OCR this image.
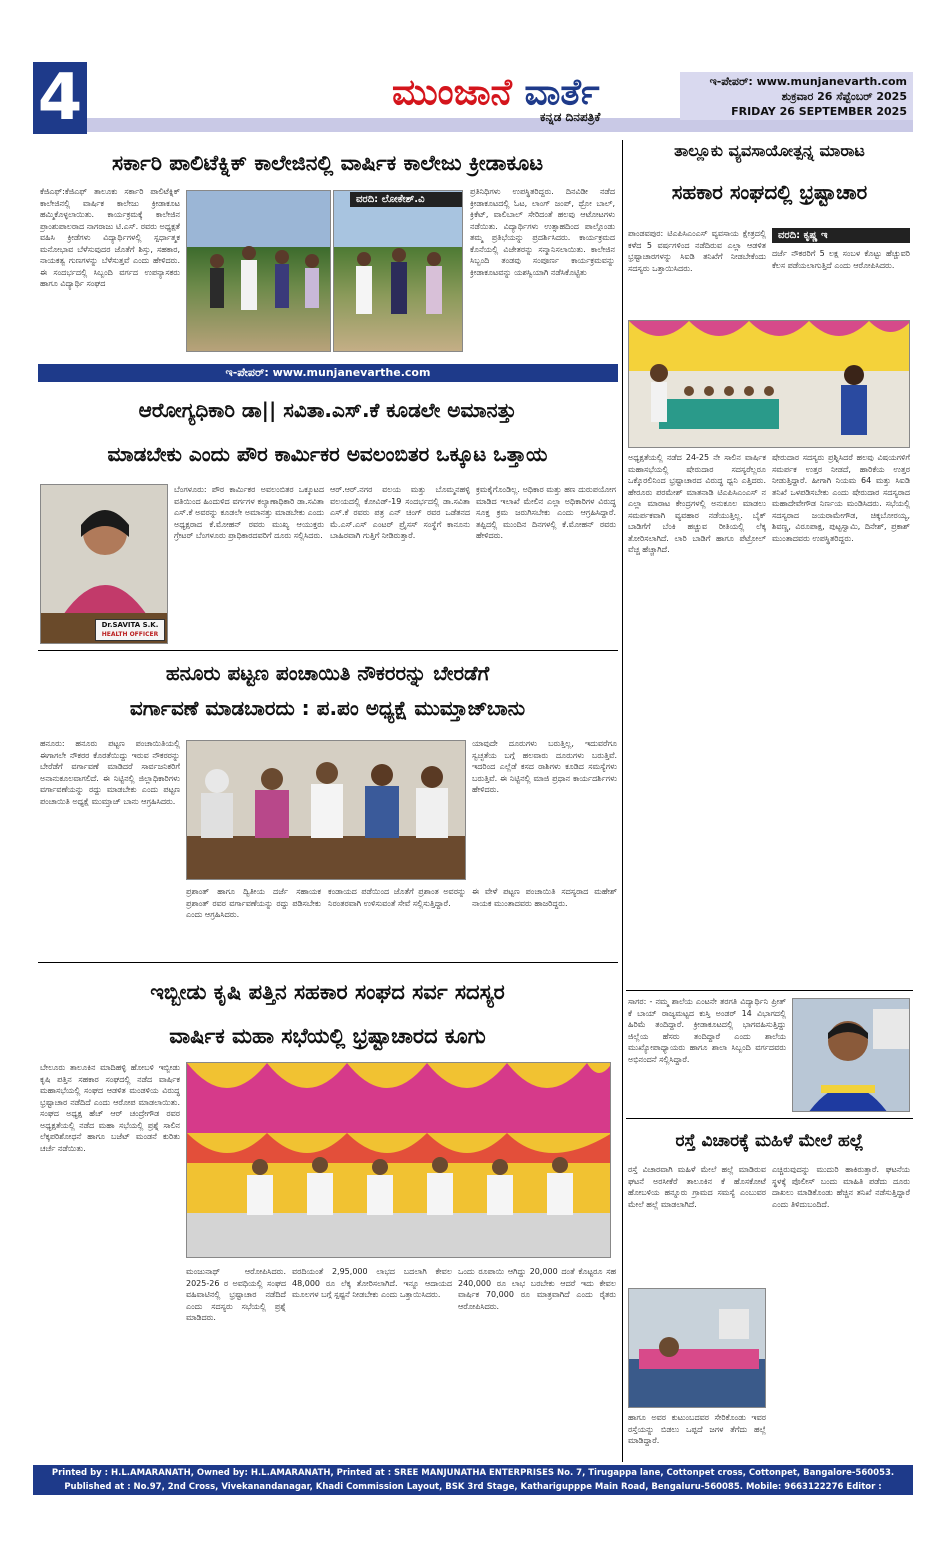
4	ಮುಂಜಾನೆ ವಾರ್ತೆ
ಕನ್ನಡ ದಿನಪತ್ರಿಕೆ
ಇ-ಪೇಪರ್: www.munjanevarth.com
ಶುಕ್ರವಾರ 26 ಸೆಪ್ಟೆಂಬರ್ 2025
FRIDAY 26 SEPTEMBER 2025
ಸರ್ಕಾರಿ ಪಾಲಿಟೆಕ್ನಿಕ್ ಕಾಲೇಜಿನಲ್ಲಿ ವಾರ್ಷಿಕ ಕಾಲೇಜು ಕ್ರೀಡಾಕೂಟ
ಕೆಜಿಎಫ್:ಕೆಜಿಎಫ್ ತಾಲೂಕು ಸರ್ಕಾರಿ ಪಾಲಿಟೆಕ್ನಿಕ್ ಕಾಲೇಜಿನಲ್ಲಿ ವಾರ್ಷಿಕ ಕಾಲೇಜು ಕ್ರೀಡಾಕೂಟ ಹಮ್ಮಿಕೊಳ್ಳಲಾಯಿತು. ಕಾರ್ಯಕ್ರಮಕ್ಕೆ ಕಾಲೇಜಿನ ಪ್ರಾಂಶುಪಾಲರಾದ ನಾಗರಾಜು ಟಿ.ಎಸ್. ರವರು ಅಧ್ಯಕ್ಷತೆ ವಹಿಸಿ ಕ್ರೀಡೆಗಳು ವಿದ್ಯಾರ್ಥಿಗಳಲ್ಲಿ ಸ್ಪರ್ಧಾತ್ಮಕ ಮನೋಭಾವ ಬೆಳೆಸುವುದರ ಜೊತೆಗೆ ಶಿಸ್ತು, ಸಹಕಾರ, ನಾಯಕತ್ವ ಗುಣಗಳನ್ನು ಬೆಳೆಸುತ್ತವೆ ಎಂದು ಹೇಳಿದರು. ಈ ಸಂದರ್ಭದಲ್ಲಿ ಸಿಬ್ಬಂದಿ ವರ್ಗದ ಉಪನ್ಯಾಸಕರು ಹಾಗೂ ವಿದ್ಯಾರ್ಥಿ ಸಂಘದ
ವರದಿ: ಲೋಕೇಶ್.ವಿ
ಪ್ರತಿನಿಧಿಗಳು ಉಪಸ್ಥಿತರಿದ್ದರು. ದಿನವಿಡೀ ನಡೆದ ಕ್ರೀಡಾಕೂಟದಲ್ಲಿ ಓಟ, ಲಾಂಗ್ ಜಂಪ್, ಥ್ರೋ ಬಾಲ್, ಕ್ರಿಕೆಟ್, ವಾಲಿಬಾಲ್ ಸೇರಿದಂತೆ ಹಲವು ಆಟೋಟಗಳು ನಡೆಯಿತು. ವಿದ್ಯಾರ್ಥಿಗಳು ಉತ್ಸಾಹದಿಂದ ಪಾಲ್ಗೊಂಡು ತಮ್ಮ ಪ್ರತಿಭೆಯನ್ನು ಪ್ರದರ್ಶಿಸಿದರು. ಕಾರ್ಯಕ್ರಮದ ಕೊನೆಯಲ್ಲಿ ವಿಜೇತರನ್ನು ಸನ್ಮಾನಿಸಲಾಯಿತು. ಕಾಲೇಜಿನ ಸಿಬ್ಬಂದಿ ತಂಡವು ಸಂಪೂರ್ಣ ಕಾರ್ಯಕ್ರಮವನ್ನು ಕ್ರೀಡಾಕೂಟವನ್ನು ಯಶಸ್ವಿಯಾಗಿ ನಡೆಸಿಕೊಟ್ಟಿತು
ಇ-ಪೇಪರ್: www.munjanevarthe.com
ಆರೋಗ್ಯಧಿಕಾರಿ ಡಾ|| ಸವಿತಾ.ಎಸ್.ಕೆ ಕೂಡಲೇ ಅಮಾನತ್ತು
ಮಾಡಬೇಕು ಎಂದು ಪೌರ ಕಾರ್ಮಿಕರ ಅವಲಂಬಿತರ ಒಕ್ಕೂಟ ಒತ್ತಾಯ
Dr.SAVITA S.K.
HEALTH OFFICER
ಬೆಂಗಳೂರು: ಪೌರ ಕಾರ್ಮಿಕರ ಅವಲಂಬಿತರ ಒಕ್ಕೂಟದ ವತಿಯಿಂದ ಹಿಂದುಳಿದ ವರ್ಗಗಳ ಕಲ್ಯಾಣಾಧಿಕಾರಿ ಡಾ.ಸವಿತಾ ಎಸ್.ಕೆ ಅವರನ್ನು ಕೂಡಲೇ ಅಮಾನತ್ತು ಮಾಡಬೇಕು ಎಂದು ಅಧ್ಯಕ್ಷರಾದ ಕೆ.ಮೋಹನ್ ರವರು ಮುಖ್ಯ ಆಯುಕ್ತರು ಗ್ರೇಟರ್ ಬೆಂಗಳೂರು ಪ್ರಾಧಿಕಾರದವರಿಗೆ ದೂರು ಸಲ್ಲಿಸಿದರು.
ಆರ್.ಆರ್.ನಗರ ವಲಯ ಮತ್ತು ಬೊಮ್ಮನಹಳ್ಳಿ ವಲಯದಲ್ಲಿ ಕೋವಿಡ್-19 ಸಂದರ್ಭದಲ್ಲಿ ಡಾ.ಸವಿತಾ ಎಸ್.ಕೆ ರವರು ಪತ್ರ ಎನ್ ಚಿಂಗ್ ರವರ ಒಡೆತನದ ಮೆ.ಎಸ್.ಎಸ್ ಎಂಟರ್ ಪ್ರೈಸಸ್ ಸಂಸ್ಥೆಗೆ ಕಾನೂನು ಬಾಹಿರವಾಗಿ ಗುತ್ತಿಗೆ ನೀಡಿರುತ್ತಾರೆ.
ಕ್ರಮಕೈಗೊಂಡಿಲ್ಲ. ಅಧಿಕಾರ ಮತ್ತು ಹಣ ದುರುಪಯೋಗ ಮಾಡಿದ ಇಲಾಖೆ ಮೇಲಿನ ಎಲ್ಲಾ ಅಧಿಕಾರಿಗಳ ವಿರುದ್ಧ ಸೂಕ್ತ ಕ್ರಮ ಜರುಗಿಸಬೇಕು ಎಂದು ಆಗ್ರಹಿಸಿದ್ದಾರೆ. ತಪ್ಪಿದಲ್ಲಿ ಮುಂದಿನ ದಿನಗಳಲ್ಲಿ ಕೆ.ಮೋಹನ್ ರವರು ಹೇಳಿದರು.
ಹನೂರು ಪಟ್ಟಣ ಪಂಚಾಯಿತಿ ನೌಕರರನ್ನು ಬೇರಡೆಗೆ
ವರ್ಗಾವಣೆ ಮಾಡಬಾರದು : ಪ.ಪಂ ಅಧ್ಯಕ್ಷೆ ಮುಮ್ತಾಜ್‍ಬಾನು
ಹನೂರು: ಹನೂರು ಪಟ್ಟಣ ಪಂಚಾಯಿತಿಯಲ್ಲಿ ಈಗಾಗಲೇ ನೌಕರರ ಕೊರತೆಯಿದ್ದು ಇರುವ ನೌಕರರನ್ನು ಬೇರೆಡೆಗೆ ವರ್ಗಾವಣೆ ಮಾಡಿದರೆ ಸಾರ್ವಜನಿಕರಿಗೆ ಅನಾನುಕೂಲವಾಗಲಿದೆ. ಈ ನಿಟ್ಟಿನಲ್ಲಿ ಜಿಲ್ಲಾಧಿಕಾರಿಗಳು ವರ್ಗಾವಣೆಯನ್ನು ರದ್ದು ಮಾಡಬೇಕು ಎಂದು ಪಟ್ಟಣ ಪಂಚಾಯಿತಿ ಅಧ್ಯಕ್ಷೆ ಮುಮ್ತಾಜ್ ಬಾನು ಆಗ್ರಹಿಸಿದರು.
ಯಾವುದೇ ದೂರುಗಳು ಬರುತ್ತಿಲ್ಲ, ಇದುವರೆಗೂ ಸ್ವಚ್ಛತೆಯ ಬಗ್ಗೆ ಹಲವಾರು ದೂರುಗಳು ಬರುತ್ತಿವೆ. ಇದರಿಂದ ಎಲ್ಲೆಡೆ ಕಸದ ರಾಶಿಗಳು ಕೂಡಿದ ಸಮಸ್ಯೆಗಳು ಬರುತ್ತಿವೆ. ಈ ನಿಟ್ಟಿನಲ್ಲಿ ಮಾಜಿ ಪ್ರಧಾನ ಕಾರ್ಯದರ್ಶಿಗಳು ಹೇಳಿದರು.
ಪ್ರಶಾಂತ್ ಹಾಗೂ ದ್ವಿತೀಯ ದರ್ಜೆ ಸಹಾಯಕ ಪ್ರಶಾಂತ್ ರವರ ವರ್ಗಾವಣೆಯನ್ನು ರದ್ದು ಪಡಿಸಬೇಕು ಎಂದು ಆಗ್ರಹಿಸಿದರು.
ಕಂಡಾಯದ ಪಡೆಯಿಂದ ಜೊತೆಗೆ ಪ್ರಶಾಂತ ಅವರನ್ನು ನಿರಂತರವಾಗಿ ಉಳಿಸುವಂತೆ ಸೇವೆ ಸಲ್ಲಿಸುತ್ತಿದ್ದಾರೆ.
ಈ ವೇಳೆ ಪಟ್ಟಣ ಪಂಚಾಯಿತಿ ಸದಸ್ಯರಾದ ಮಹೇಶ್ ನಾಯಕ ಮುಂತಾದವರು ಹಾಜರಿದ್ದರು.
ಇಬ್ಬೀಡು ಕೃಷಿ ಪತ್ತಿನ ಸಹಕಾರ ಸಂಘದ ಸರ್ವ ಸದಸ್ಯರ
ವಾರ್ಷಿಕ ಮಹಾ ಸಭೆಯಲ್ಲಿ ಭ್ರಷ್ಟಾಚಾರದ ಕೂಗು
ಬೇಲೂರು ತಾಲೂಕಿನ ಮಾದಿಹಳ್ಳಿ ಹೋಬಳಿ ಇಬ್ಬೀಡು ಕೃಷಿ ಪತ್ತಿನ ಸಹಕಾರ ಸಂಘದಲ್ಲಿ ನಡೆದ ವಾರ್ಷಿಕ ಮಹಾಸಭೆಯಲ್ಲಿ ಸಂಘದ ಆಡಳಿತ ಮಂಡಳಿಯ ವಿರುದ್ಧ ಭ್ರಷ್ಟಾಚಾರ ನಡೆದಿದೆ ಎಂದು ಆರೋಪ ಮಾಡಲಾಯಿತು. ಸಂಘದ ಅಧ್ಯಕ್ಷ ಹೆಚ್ ಆರ್ ಚಂದ್ರೇಗೌಡ ರವರ ಅಧ್ಯಕ್ಷತೆಯಲ್ಲಿ ನಡೆದ ಮಹಾ ಸಭೆಯಲ್ಲಿ ಪ್ರಶ್ನೆ ಸಾಲಿನ ಲೆಕ್ಕಪರಿಶೋಧನೆ ಹಾಗೂ ಬಜೆಟ್ ಮಂಡನೆ ಕುರಿತು ಚರ್ಚೆ ನಡೆಯಿತು.
ಮಂಜುನಾಥ್ ಆರೋಪಿಸಿದರು. 2025-26 ರ ಅವಧಿಯಲ್ಲಿ ಸಂಘದ ವಹಿವಾಟಿನಲ್ಲಿ ಭ್ರಷ್ಟಾಚಾರ ನಡೆದಿದೆ ಎಂದು ಸದಸ್ಯರು ಸಭೆಯಲ್ಲಿ ಪ್ರಶ್ನೆ ಮಾಡಿದರು.
ವರದಿಯಂತೆ 2,95,000 ಲಾಭದ ಬದಲಾಗಿ ಕೇವಲ 48,000 ರೂ ಲೆಕ್ಕ ತೋರಿಸಲಾಗಿದೆ. ಇನ್ನೂ ಆದಾಯದ ಮೂಲಗಳ ಬಗ್ಗೆ ಸ್ಪಷ್ಟನೆ ನೀಡಬೇಕು ಎಂದು ಒತ್ತಾಯಿಸಿದರು.
ಒಂದು ರೂಪಾಯಿ ಆಗಿದ್ದು 20,000 ದಂತೆ ಕೊಟ್ಟರೂ ಸಹ 240,000 ರೂ ಲಾಭ ಬರಬೇಕು ಆದರೆ ಇದು ಕೇವಲ ವಾರ್ಷಿಕ 70,000 ರೂ ಮಾತ್ರವಾಗಿದೆ ಎಂದು ರೈತರು ಆರೋಪಿಸಿದರು.
ತಾಲ್ಲೂಕು ವ್ಯವಸಾಯೋತ್ಪನ್ನ ಮಾರಾಟ
ಸಹಕಾರ ಸಂಘದಲ್ಲಿ ಭ್ರಷ್ಟಾಚಾರ
ಪಾಂಡವಪುರ: ಟಿಎಪಿಸಿಎಂಎಸ್ ವ್ಯವಸಾಯ ಕ್ಷೇತ್ರದಲ್ಲಿ ಕಳೆದ 5 ವರ್ಷಗಳಿಂದ ನಡೆದಿರುವ ಎಲ್ಲಾ ಆಡಳಿತ ಭ್ರಷ್ಟಾಚಾರಗಳನ್ನು ಸಿಐಡಿ ತನಿಖೆಗೆ ನೀಡಬೇಕೆಂದು ಸದಸ್ಯರು ಒತ್ತಾಯಿಸಿದರು.
ವರದಿ: ಕೃಷ್ಣ ಇ
ದರ್ಜೆ ನೌಕರರಿಗೆ 5 ಲಕ್ಷ ಸಂಬಳ ಕೊಟ್ಟು ಹೆಚ್ಚುವರಿ ಕೆಲಸ ಪಡೆಯಲಾಗುತ್ತಿದೆ ಎಂದು ಆರೋಪಿಸಿದರು.
ಅಧ್ಯಕ್ಷತೆಯಲ್ಲಿ ನಡೆದ 24-25 ನೇ ಸಾಲಿನ ವಾರ್ಷಿಕ ಮಹಾಸಭೆಯಲ್ಲಿ ಷೇರುದಾರ ಸದಸ್ಯರೆಲ್ಲರೂ ಒಕ್ಕೊರಲಿನಿಂದ ಭ್ರಷ್ಟಾಚಾರದ ವಿರುದ್ಧ ಧ್ವನಿ ಎತ್ತಿದರು. ಹೇರೂರು ಪರಮೇಶ್ ಮಾತನಾಡಿ ಟಿಎಪಿಸಿಎಂಎಸ್ ನ ಎಲ್ಲಾ ಮಾರಾಟ ಕೇಂದ್ರಗಳಲ್ಲಿ ಅನುಕೂಲ ಮಾಡಲು ಸಮರ್ಪಕವಾಗಿ ವ್ಯವಹಾರ ನಡೆಯುತ್ತಿಲ್ಲ. ಬೈಕ್ ಬಾಡಿಗೆಗೆ ಬೆಂಕಿ ಹಚ್ಚುವ ರೀತಿಯಲ್ಲಿ ಲೆಕ್ಕ ತೋರಿಸಲಾಗಿದೆ. ಲಾರಿ ಬಾಡಿಗೆ ಹಾಗೂ ಪೆಟ್ರೋಲ್ ವೆಚ್ಚ ಹೆಚ್ಚಾಗಿದೆ.
ಷೇರುದಾರ ಸದಸ್ಯರು ಪ್ರಶ್ನಿಸಿದರೆ ಹಲವು ವಿಷಯಗಳಿಗೆ ಸಮರ್ಪಕ ಉತ್ತರ ನೀಡದೆ, ಹಾರಿಕೆಯ ಉತ್ತರ ನೀಡುತ್ತಿದ್ದಾರೆ. ಹೀಗಾಗಿ ನಿಯಮ 64 ಮತ್ತು ಸಿಐಡಿ ತನಿಖೆ ಒಳಪಡಿಸಬೇಕು ಎಂದು ಷೇರುದಾರ ಸದಸ್ಯರಾದ ಮಹಾದೇವೇಗೌಡ ನಿರ್ಣಯ ಮಂಡಿಸಿದರು. ಸಭೆಯಲ್ಲಿ ಸದಸ್ಯರಾದ ಜಯರಾಮೇಗೌಡ, ಚಿಕ್ಕಬೋರಯ್ಯ, ಶಿವಣ್ಣ, ವಿರೂಪಾಕ್ಷ, ಪುಟ್ಟಸ್ವಾಮಿ, ದಿನೇಶ್, ಪ್ರಕಾಶ್ ಮುಂತಾದವರು ಉಪಸ್ಥಿತರಿದ್ದರು.
ಸಾಗರ: - ನಮ್ಮ ಶಾಲೆಯ ಎಂಟನೇ ತರಗತಿ ವಿದ್ಯಾರ್ಥಿನಿ ಪ್ರೀತ್ ಕೆ ಬಾಯ್ ರಾಜ್ಯಮಟ್ಟದ ಕುಸ್ತಿ ಅಂಡರ್ 14 ವಿಭಾಗದಲ್ಲಿ ಹಿರಿಮೆ ತಂದಿದ್ದಾರೆ. ಕ್ರೀಡಾಕೂಟದಲ್ಲಿ ಭಾಗವಹಿಸುತ್ತಿದ್ದು ಜಿಲ್ಲೆಯ ಹೆಸರು ತಂದಿದ್ದಾರೆ ಎಂದು ಶಾಲೆಯ ಮುಖ್ಯೋಪಾಧ್ಯಾಯರು ಹಾಗೂ ಶಾಲಾ ಸಿಬ್ಬಂದಿ ವರ್ಗದವರು ಅಭಿನಂದನೆ ಸಲ್ಲಿಸಿದ್ದಾರೆ.
ರಸ್ತೆ ವಿಚಾರಕ್ಕೆ ಮಹಿಳೆ ಮೇಲೆ ಹಲ್ಲೆ
ರಸ್ತೆ ವಿಚಾರವಾಗಿ ಮಹಿಳೆ ಮೇಲೆ ಹಲ್ಲೆ ಮಾಡಿರುವ ಘಟನೆ ಅರಸೀಕೆರೆ ತಾಲೂಕಿನ ಕೆ ಹೊಸಕೋಟೆ ಹೋಬಳಿಯ ಹನ್ನೂರು ಗ್ರಾಮದ ಸಮಸ್ಯೆ ಎಂಬುವರ ಮೇಲೆ ಹಲ್ಲೆ ಮಾಡಲಾಗಿದೆ.
ಎಚ್ಚಿರುವುದನ್ನು ಮುದುರಿ ಹಾಕಿರುತ್ತಾರೆ. ಘಟನೆಯ ಸ್ಥಳಕ್ಕೆ ಪೊಲೀಸ್ ಬಂದು ಮಾಹಿತಿ ಪಡೆದು ದೂರು ದಾಖಲು ಮಾಡಿಕೊಂಡು ಹೆಚ್ಚಿನ ತನಿಖೆ ನಡೆಸುತ್ತಿದ್ದಾರೆ ಎಂದು ತಿಳಿದುಬಂದಿದೆ.
ಹಾಗೂ ಅವರ ಕುಟುಂಬದವರ ಸೇರಿಕೊಂಡು ಇವರ ರಸ್ತೆಯನ್ನು ಬಿಡಲು ಒಪ್ಪದೆ ಜಗಳ ತೆಗೆದು ಹಲ್ಲೆ ಮಾಡಿದ್ದಾರೆ.
Printed by : H.L.AMARANATH, Owned by: H.L.AMARANATH, Printed at : SREE MANJUNATHA ENTERPRISES No. 7, Tirugappa lane, Cottonpet cross, Cottonpet, Bangalore-560053.
Published at : No.97, 2nd Cross, Vivekanandanagar, Khadi Commission Layout, BSK 3rd Stage, Katharigupppe Main Road, Bengaluru-560085. Mobile: 9663122276 Editor : H.L.AMARANATH
